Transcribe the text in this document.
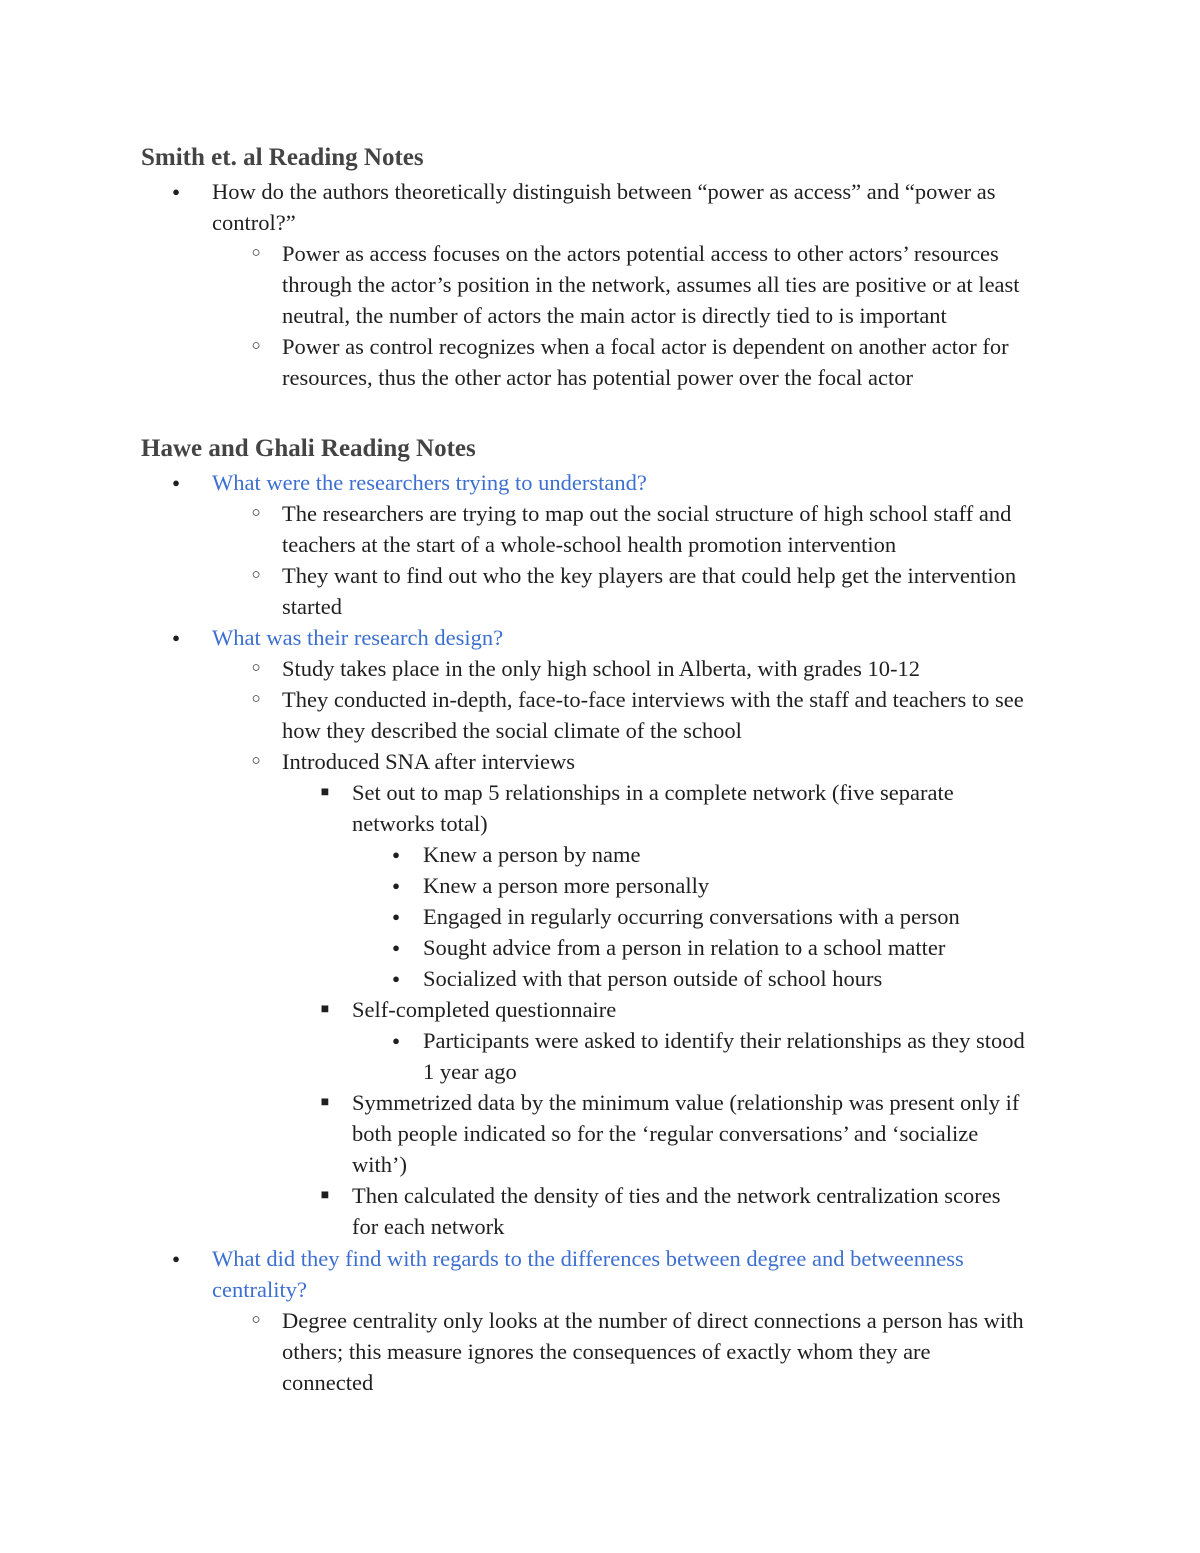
Smith et. al Reading Notes
● How do the authors theoretically distinguish between “power as access” and “power as
control?”
○ Power as access focuses on the actors potential access to other actors’ resources
through the actor’s position in the network, assumes all ties are positive or at least
neutral, the number of actors the main actor is directly tied to is important
○ Power as control recognizes when a focal actor is dependent on another actor for
resources, thus the other actor has potential power over the focal actor
Hawe and Ghali Reading Notes
● What were the researchers trying to understand?
○ The researchers are trying to map out the social structure of high school staff and
teachers at the start of a whole-school health promotion intervention
○ They want to find out who the key players are that could help get the intervention
started
● What was their research design?
○ Study takes place in the only high school in Alberta, with grades 10-12
○ They conducted in-depth, face-to-face interviews with the staff and teachers to see
how they described the social climate of the school
○ Introduced SNA after interviews
■ Set out to map 5 relationships in a complete network (five separate
networks total)
● Knew a person by name
● Knew a person more personally
● Engaged in regularly occurring conversations with a person
● Sought advice from a person in relation to a school matter
● Socialized with that person outside of school hours
■ Self-completed questionnaire
● Participants were asked to identify their relationships as they stood
1 year ago
■ Symmetrized data by the minimum value (relationship was present only if
both people indicated so for the ‘regular conversations’ and ‘socialize
with’)
■ Then calculated the density of ties and the network centralization scores
for each network
● What did they find with regards to the differences between degree and betweenness
centrality?
○ Degree centrality only looks at the number of direct connections a person has with
others; this measure ignores the consequences of exactly whom they are
connected
